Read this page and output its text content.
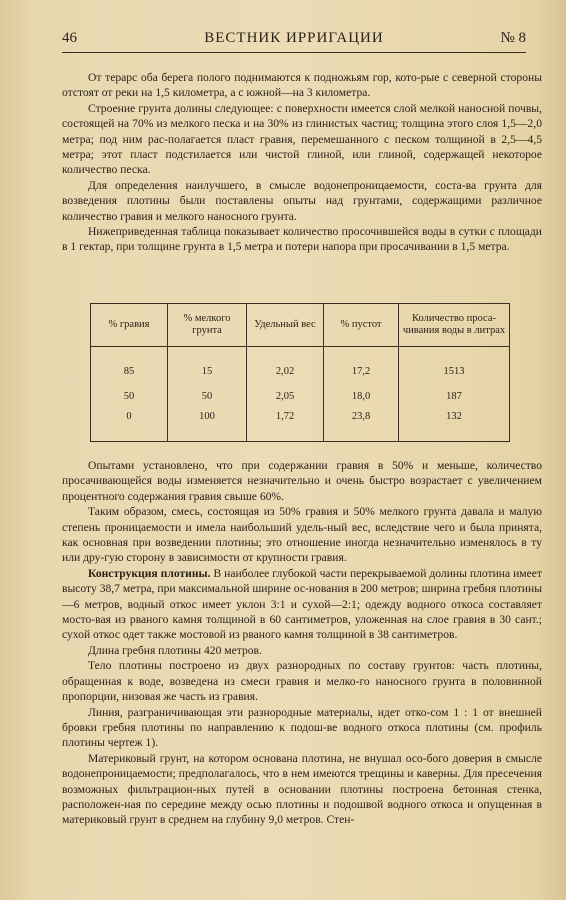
46	ВЕСТНИК ИРРИГАЦИИ	№ 8

От терарс оба берега полого поднимаются к подножьям гор, кото-рые с северной стороны отстоят от реки на 1,5 километра, а с южной—на 3 километра.

Строение грунта долины следующее: с поверхности имеется слой мелкой наносной почвы, состоящей на 70% из мелкого песка и на 30% из глинистых частиц; толщина этого слоя 1,5—2,0 метра; под ним рас-полагается пласт гравия, перемешанного с песком толщиной в 2,5—4,5 метра; этот пласт подстилается или чистой глиной, или глиной, содержащей некоторое количество песка.

Для определения наилучшего, в смысле водонепроницаемости, соста-ва грунта для возведения плотины были поставлены опыты над грунтами, содержащими различное количество гравия и мелкого наносного грунта.

Нижеприведенная таблица показывает количество просочившейся воды в сутки с площади в 1 гектар, при толщине грунта в 1,5 метра и потери напора при просачивании в 1,5 метра.

% гравия	% мелкого грунта	Удельный вес	% пустот	Количество проса-чивания воды в литрах

85	15	2,02	17,2	1513
50	50	2,05	18,0	187
0	100	1,72	23,8	132

Опытами установлено, что при содержании гравия в 50% и меньше, количество просачивающейся воды изменяется незначительно и очень быстро возрастает с увеличением процентного содержания гравия свыше 60%.

Таким образом, смесь, состоящая из 50% гравия и 50% мелкого грунта давала и малую степень проницаемости и имела наибольший удель-ный вес, вследствие чего и была принята, как основная при возведении плотины; это отношение иногда незначительно изменялось в ту или дру-гую сторону в зависимости от крупности гравия.

Конструкция плотины. В наиболее глубокой части перекрываемой долины плотина имеет высоту 38,7 метра, при максимальной ширине ос-нования в 200 метров; ширина гребня плотины—6 метров, водный откос имеет уклон 3:1 и сухой—2:1; одежду водного откоса составляет мосто-вая из рваного камня толщиной в 60 сантиметров, уложенная на слое гравия в 30 сант.; сухой откос одет также мостовой из рваного камня толщиной в 38 сантиметров.

Длина гребня плотины 420 метров.

Тело плотины построено из двух разнородных по составу грунтов: часть плотины, обращенная к воде, возведена из смеси гравия и мелко-го наносного грунта в половинной пропорции, низовая же часть из гравия.

Линия, разграничивающая эти разнородные материалы, идет отко-сом 1 : 1 от внешней бровки гребня плотины по направлению к подош-ве водного откоса плотины (см. профиль плотины чертеж 1).

Материковый грунт, на котором основана плотина, не внушал осо-бого доверия в смысле водонепроницаемости; предполагалось, что в нем имеются трещины и каверны. Для пресечения возможных фильтрацион-ных путей в основании плотины построена бетонная стенка, расположен-ная по середине между осью плотины и подошвой водного откоса и опущенная в материковый грунт в среднем на глубину 9,0 метров. Стен-
